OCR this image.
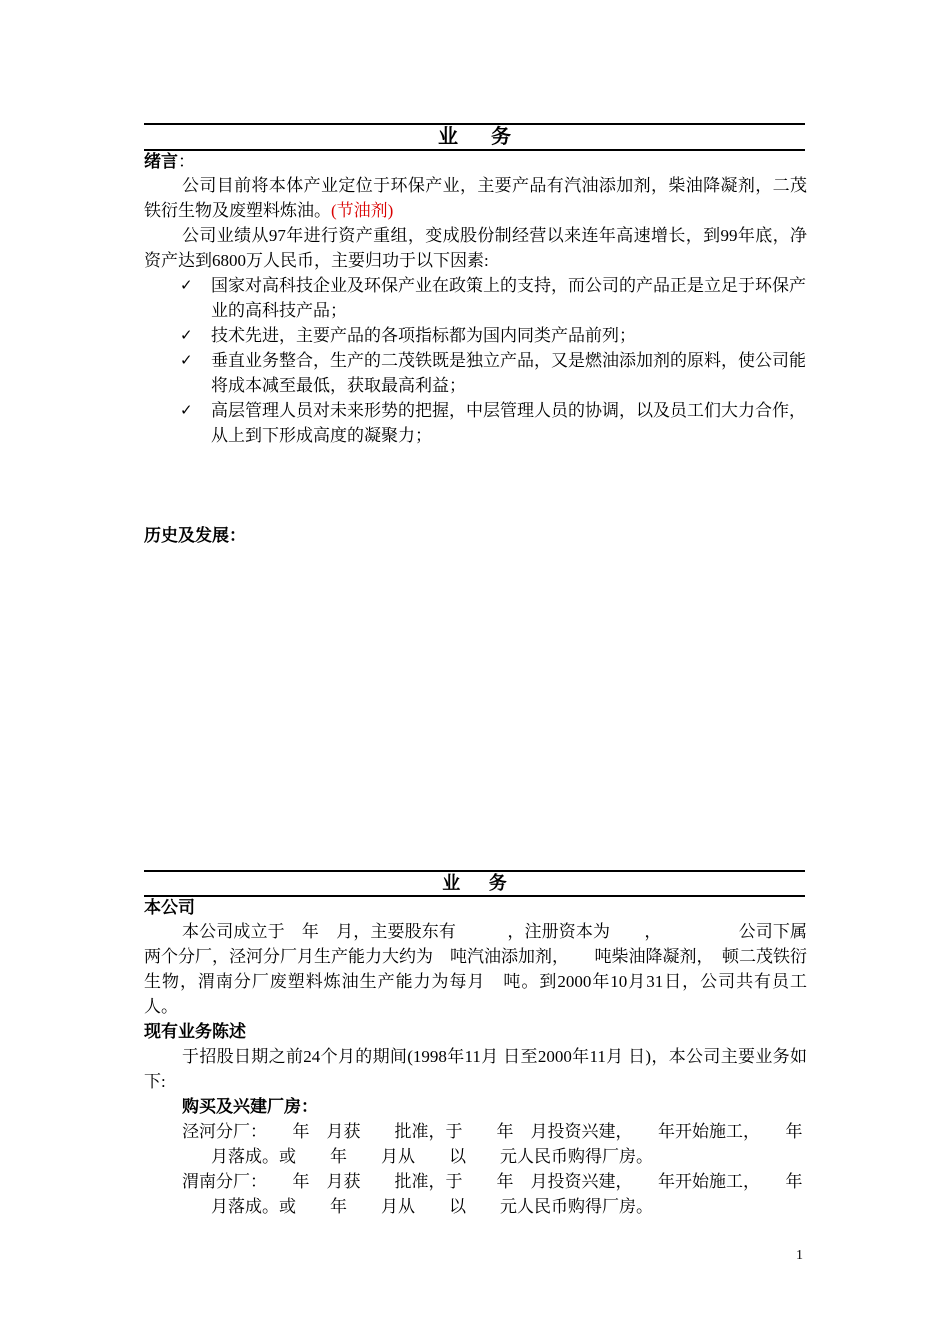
业 务
绪言：

公司目前将本体产业定位于环保产业，主要产品有汽油添加剂，柴油降凝剂，二茂铁衍生物及废塑料炼油。(节油剂)

公司业绩从97年进行资产重组，变成股份制经营以来连年高速增长，到99年底，净资产达到6800万人民币，主要归功于以下因素:

✓ 国家对高科技企业及环保产业在政策上的支持，而公司的产品正是立足于环保产业的高科技产品；
✓ 技术先进，主要产品的各项指标都为国内同类产品前列；
✓ 垂直业务整合，生产的二茂铁既是独立产品，又是燃油添加剂的原料，使公司能将成本减至最低，获取最高利益；
✓ 高层管理人员对未来形势的把握，中层管理人员的协调，以及员工们大力合作，从上到下形成高度的凝聚力；
历史及发展：
业 务
本公司

本公司成立于　年　月，主要股东有　　　，注册资本为　　，　　　　　公司下属两个分厂，泾河分厂月生产能力大约为　吨汽油添加剂，　　吨柴油降凝剂，　顿二茂铁衍生物，渭南分厂废塑料炼油生产能力为每月　吨。到2000年10月31日，公司共有员工　　人。

现有业务陈述

于招股日期之前24个月的期间(1998年11月 日至2000年11月 日)，本公司主要业务如下:

购买及兴建厂房：
泾河分厂：　　年　月获　　批准，于　　年　月投资兴建，　　年开始施工，　　年　月落成。或　　年　　月从　　以　　元人民币购得厂房。
渭南分厂：　　年　月获　　批准，于　　年　月投资兴建，　　年开始施工，　　年　月落成。或　　年　　月从　　以　　元人民币购得厂房。
1
